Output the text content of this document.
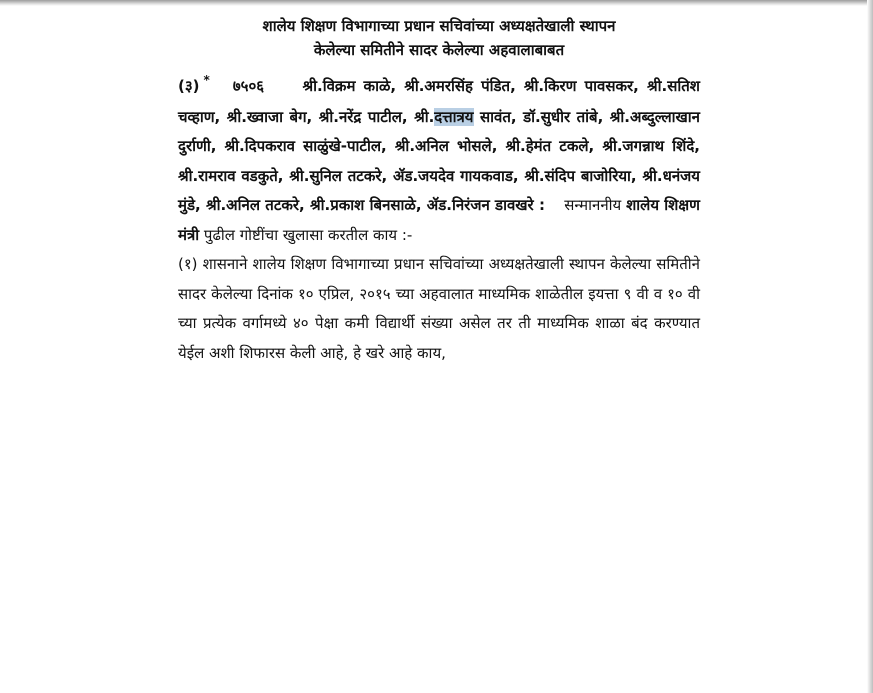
शालेय शिक्षण विभागाच्या प्रधान सचिवांच्या अध्यक्षतेखाली स्थापन

केलेल्या समितीने सादर केलेल्या अहवालाबाबत

(३) * ७५०६	श्री.विक्रम काळे, श्री.अमरसिंह पंडित, श्री.किरण पावसकर, श्री.सतिश चव्हाण, श्री.ख्वाजा बेग, श्री.नरेंद्र पाटील, श्री.दत्तात्रय सावंत, डॉ.सुधीर तांबे, श्री.अब्दुल्लाखान दुर्राणी, श्री.दिपकराव साळुंखे-पाटील, श्री.अनिल भोसले, श्री.हेमंत टकले, श्री.जगन्नाथ शिंदे, श्री.रामराव वडकुते, श्री.सुनिल तटकरे, ॲड.जयदेव गायकवाड, श्री.संदिप बाजोरिया, श्री.धनंजय मुंडे, श्री.अनिल तटकरे, श्री.प्रकाश बिनसाळे, ॲड.निरंजन डावखरे : सन्माननीय शालेय शिक्षण मंत्री पुढील गोष्टींचा खुलासा करतील काय :-

(१) शासनाने शालेय शिक्षण विभागाच्या प्रधान सचिवांच्या अध्यक्षतेखाली स्थापन केलेल्या समितीने सादर केलेल्या दिनांक १० एप्रिल, २०१५ च्या अहवालात माध्यमिक शाळेतील इयत्ता ९ वी व १० वी च्या प्रत्येक वर्गामध्ये ४० पेक्षा कमी विद्यार्थी संख्या असेल तर ती माध्यमिक शाळा बंद करण्यात येईल अशी शिफारस केली आहे, हे खरे आहे काय,
